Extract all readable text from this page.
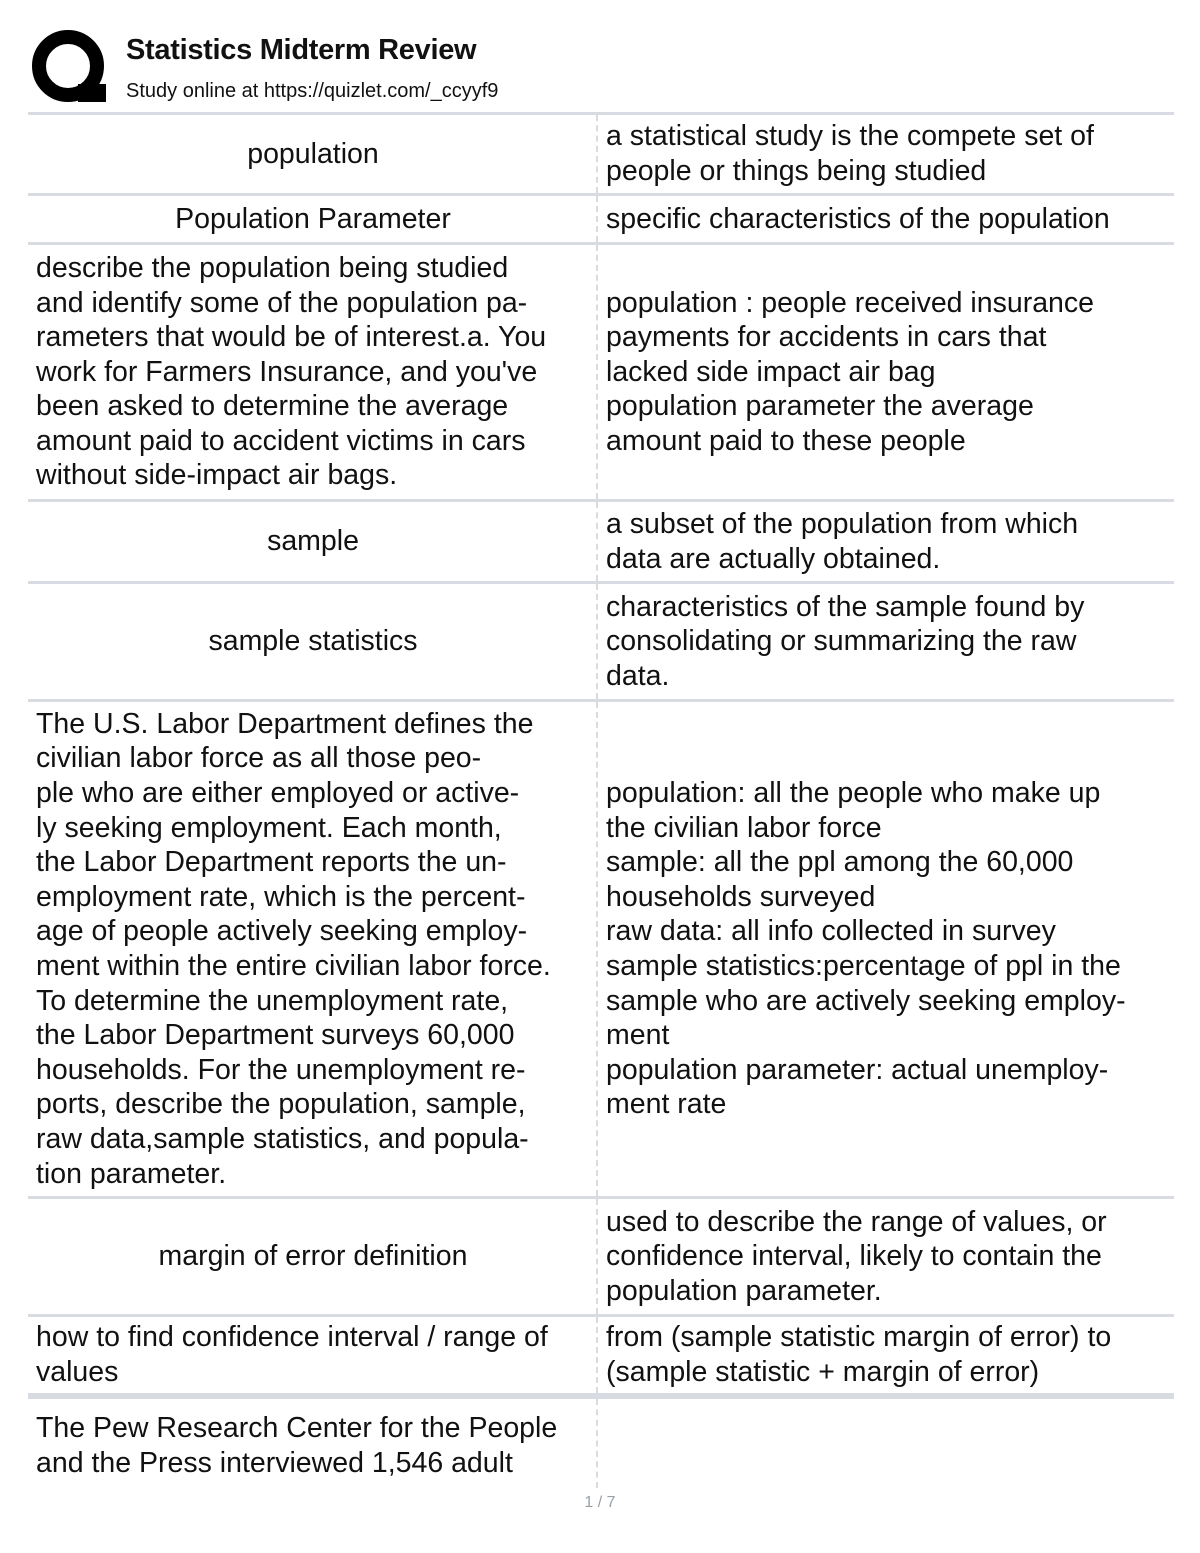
Statistics Midterm Review
Study online at https://quizlet.com/_ccyyf9
population
a statistical study is the compete set of
people or things being studied
Population Parameter	specific characteristics of the population
describe the population being studied
and identify some of the population pa-
rameters that would be of interest.a. You
work for Farmers Insurance, and you've
been asked to determine the average
amount paid to accident victims in cars
without side-impact air bags.
population : people received insurance
payments for accidents in cars that
lacked side impact air bag
population parameter the average
amount paid to these people
sample
a subset of the population from which
data are actually obtained.
sample statistics
characteristics of the sample found by
consolidating or summarizing the raw
data.
The U.S. Labor Department defines the
civilian labor force as all those peo-
ple who are either employed or active-
ly seeking employment. Each month,
the Labor Department reports the un-
employment rate, which is the percent-
age of people actively seeking employ-
ment within the entire civilian labor force.
To determine the unemployment rate,
the Labor Department surveys 60,000
households. For the unemployment re-
ports, describe the population, sample,
raw data,sample statistics, and popula-
tion parameter.
population: all the people who make up
the civilian labor force
sample: all the ppl among the 60,000
households surveyed
raw data: all info collected in survey
sample statistics:percentage of ppl in the
sample who are actively seeking employ-
ment
population parameter: actual unemploy-
ment rate
margin of error definition
used to describe the range of values, or
confidence interval, likely to contain the
population parameter.
how to find confidence interval / range of
values
from (sample statistic margin of error) to
(sample statistic + margin of error)
The Pew Research Center for the People
and the Press interviewed 1,546 adult
1 / 7
